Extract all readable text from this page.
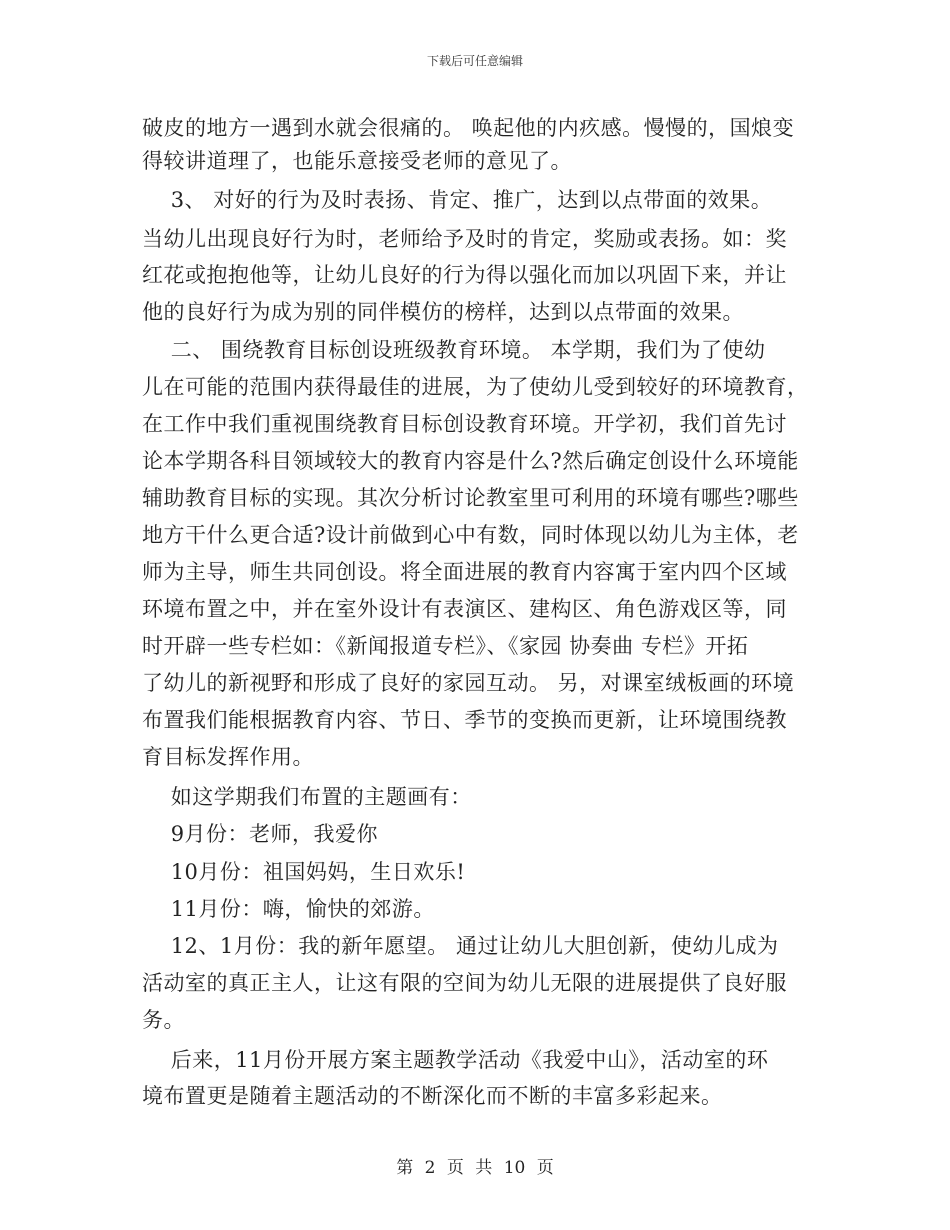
下载后可任意编辑
破皮的地方一遇到水就会很痛的。 唤起他的内疚感。慢慢的，国烺变
得较讲道理了，也能乐意接受老师的意见了。
3、 对好的行为及时表扬、肯定、推广，达到以点带面的效果。
当幼儿出现良好行为时，老师给予及时的肯定，奖励或表扬。如：奖
红花或抱抱他等，让幼儿良好的行为得以强化而加以巩固下来，并让
他的良好行为成为别的同伴模仿的榜样，达到以点带面的效果。
二、 围绕教育目标创设班级教育环境。 本学期，我们为了使幼
儿在可能的范围内获得最佳的进展，为了使幼儿受到较好的环境教育，
在工作中我们重视围绕教育目标创设教育环境。开学初，我们首先讨
论本学期各科目领域较大的教育内容是什么?然后确定创设什么环境能
辅助教育目标的实现。其次分析讨论教室里可利用的环境有哪些?哪些
地方干什么更合适?设计前做到心中有数，同时体现以幼儿为主体，老
师为主导，师生共同创设。将全面进展的教育内容寓于室内四个区域
环境布置之中，并在室外设计有表演区、建构区、角色游戏区等，同
时开辟一些专栏如：《新闻报道专栏》、《家园 协奏曲 专栏》开拓
了幼儿的新视野和形成了良好的家园互动。 另，对课室绒板画的环境
布置我们能根据教育内容、节日、季节的变换而更新，让环境围绕教
育目标发挥作用。
如这学期我们布置的主题画有：
9月份：老师，我爱你
10月份：祖国妈妈，生日欢乐!
11月份：嗨，愉快的郊游。
12、1月份：我的新年愿望。 通过让幼儿大胆创新，使幼儿成为
活动室的真正主人，让这有限的空间为幼儿无限的进展提供了良好服
务。
后来，11月份开展方案主题教学活动《我爱中山》，活动室的环
境布置更是随着主题活动的不断深化而不断的丰富多彩起来。
第 2 页 共 10 页
